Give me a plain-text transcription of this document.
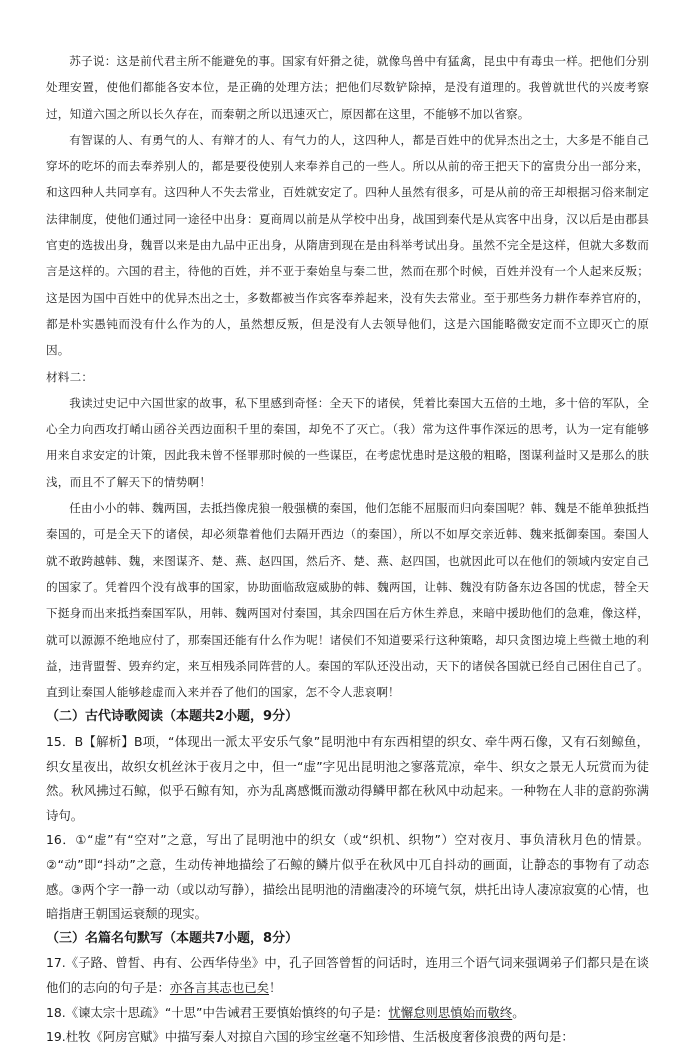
苏子说：这是前代君主所不能避免的事。国家有奸猾之徒，就像鸟兽中有猛禽，昆虫中有毒虫一样。把他们分别处理安置，使他们都能各安本位，是正确的处理方法；把他们尽数铲除掉，是没有道理的。我曾就世代的兴废考察过，知道六国之所以长久存在，而秦朝之所以迅速灭亡，原因都在这里，不能够不加以省察。

有智谋的人、有勇气的人、有辩才的人、有气力的人，这四种人，都是百姓中的优异杰出之士，大多是不能自己穿坏的吃坏的而去奉养别人的，都是要役使别人来奉养自己的一些人。所以从前的帝王把天下的富贵分出一部分来，和这四种人共同享有。这四种人不失去常业，百姓就安定了。四种人虽然有很多，可是从前的帝王却根据习俗来制定法律制度，使他们通过同一途径中出身：夏商周以前是从学校中出身，战国到秦代是从宾客中出身，汉以后是由郡县官吏的选拔出身，魏晋以来是由九品中正出身，从隋唐到现在是由科举考试出身。虽然不完全是这样，但就大多数而言是这样的。六国的君主，待他的百姓，并不亚于秦始皇与秦二世，然而在那个时候，百姓并没有一个人起来反叛；这是因为国中百姓中的优异杰出之士，多数都被当作宾客奉养起来，没有失去常业。至于那些务力耕作奉养官府的，都是朴实愚钝而没有什么作为的人，虽然想反叛，但是没有人去领导他们，这是六国能略微安定而不立即灭亡的原因。

材料二：

我读过史记中六国世家的故事，私下里感到奇怪：全天下的诸侯，凭着比秦国大五倍的土地，多十倍的军队，全心全力向西攻打崤山函谷关西边面积千里的秦国，却免不了灭亡。（我）常为这件事作深远的思考，认为一定有能够用来自求安定的计策，因此我未曾不怪罪那时候的一些谋臣，在考虑忧患时是这般的粗略，图谋利益时又是那么的肤浅，而且不了解天下的情势啊！

任由小小的韩、魏两国，去抵挡像虎狼一般强横的秦国，他们怎能不屈服而归向秦国呢？韩、魏是不能单独抵挡秦国的，可是全天下的诸侯，却必须靠着他们去隔开西边（的秦国），所以不如厚交亲近韩、魏来抵御秦国。秦国人就不敢跨越韩、魏，来图谋齐、楚、燕、赵四国，然后齐、楚、燕、赵四国，也就因此可以在他们的领域内安定自己的国家了。凭着四个没有战事的国家，协助面临敌寇威胁的韩、魏两国，让韩、魏没有防备东边各国的忧虑，替全天下挺身而出来抵挡秦国军队，用韩、魏两国对付秦国，其余四国在后方休生养息，来暗中援助他们的急难，像这样，就可以源源不绝地应付了，那秦国还能有什么作为呢！诸侯们不知道要采行这种策略，却只贪图边境上些微土地的利益，违背盟誓、毁弃约定，来互相残杀同阵营的人。秦国的军队还没出动，天下的诸侯各国就已经自己困住自己了。直到让秦国人能够趁虚而入来并吞了他们的国家，怎不令人悲哀啊！

（二）古代诗歌阅读（本题共2小题，9分）

15．B【解析】B项，“体现出一派太平安乐气象”昆明池中有东西相望的织女、牵牛两石像，又有石刻鲸鱼，织女星夜出，故织女机丝沐于夜月之中，但一“虚”字见出昆明池之寥落荒凉，牵牛、织女之景无人玩赏而为徒然。秋风拂过石鲸，似乎石鲸有知，亦为乱离感慨而激动得鳞甲都在秋风中动起来。一种物在人非的意韵弥满诗句。

16．①“虚”有“空对”之意，写出了昆明池中的织女（或“织机、织物”）空对夜月、事负清秋月色的情景。②“动”即“抖动”之意，生动传神地描绘了石鲸的鳞片似乎在秋风中兀自抖动的画面，让静态的事物有了动态感。③两个字一静一动（或以动写静），描绘出昆明池的清幽凄冷的环境气氛，烘托出诗人凄凉寂寞的心情，也暗指唐王朝国运衰颓的现实。

（三）名篇名句默写（本题共7小题，8分）

17.《子路、曾皙、冉有、公西华侍坐》中，孔子回答曾皙的问话时，连用三个语气词来强调弟子们都只是在谈他们的志向的句子是：亦各言其志也已矣！

18.《谏太宗十思疏》“十思”中告诫君王要慎始慎终的句子是：忧懈怠则思慎始而敬终。

19.杜牧《阿房宫赋》中描写秦人对掠自六国的珍宝丝毫不知珍惜、生活极度奢侈浪费的两句是：
